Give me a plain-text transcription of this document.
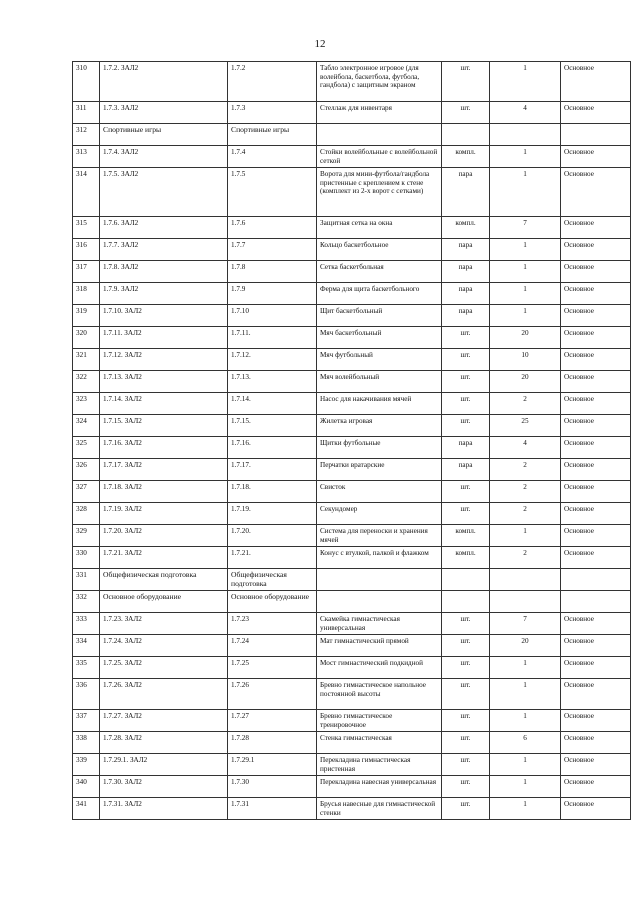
12
310	1.7.2. ЗАЛ2	1.7.2	Табло электронное игровое (для волейбола, баскетбола, футбола, гандбола) с защитным экраном	шт.	1	Основное
311	1.7.3. ЗАЛ2	1.7.3	Стеллаж для инвентаря	шт.	4	Основное
312	Спортивные игры	Спортивные игры				
313	1.7.4. ЗАЛ2	1.7.4	Стойки волейбольные с волейбольной сеткой	компл.	1	Основное
314	1.7.5. ЗАЛ2	1.7.5	Ворота для мини-футбола/гандбола пристенные с креплением к стене (комплект из 2-х ворот с сетками)	пара	1	Основное
315	1.7.6. ЗАЛ2	1.7.6	Защитная сетка на окна	компл.	7	Основное
316	1.7.7. ЗАЛ2	1.7.7	Кольцо баскетбольное	пара	1	Основное
317	1.7.8. ЗАЛ2	1.7.8	Сетка баскетбольная	пара	1	Основное
318	1.7.9. ЗАЛ2	1.7.9	Ферма для щита баскетбольного	пара	1	Основное
319	1.7.10. ЗАЛ2	1.7.10	Щит баскетбольный	пара	1	Основное
320	1.7.11. ЗАЛ2	1.7.11.	Мяч баскетбольный	шт.	20	Основное
321	1.7.12. ЗАЛ2	1.7.12.	Мяч футбольный	шт.	10	Основное
322	1.7.13. ЗАЛ2	1.7.13.	Мяч волейбольный	шт.	20	Основное
323	1.7.14. ЗАЛ2	1.7.14.	Насос для накачивания мячей	шт.	2	Основное
324	1.7.15. ЗАЛ2	1.7.15.	Жилетка игровая	шт.	25	Основное
325	1.7.16. ЗАЛ2	1.7.16.	Щитки футбольные	пара	4	Основное
326	1.7.17. ЗАЛ2	1.7.17.	Перчатки вратарские	пара	2	Основное
327	1.7.18. ЗАЛ2	1.7.18.	Свисток	шт.	2	Основное
328	1.7.19. ЗАЛ2	1.7.19.	Секундомер	шт.	2	Основное
329	1.7.20. ЗАЛ2	1.7.20.	Система для переноски и хранения мячей	компл.	1	Основное
330	1.7.21. ЗАЛ2	1.7.21.	Конус с втулкой, палкой и флажком	компл.	2	Основное
331	Общефизическая подготовка	Общефизическая подготовка				
332	Основное оборудование	Основное оборудование				
333	1.7.23. ЗАЛ2	1.7.23	Скамейка гимнастическая универсальная	шт.	7	Основное
334	1.7.24. ЗАЛ2	1.7.24	Мат гимнастический прямой	шт.	20	Основное
335	1.7.25. ЗАЛ2	1.7.25	Мост гимнастический подкидной	шт.	1	Основное
336	1.7.26. ЗАЛ2	1.7.26	Бревно гимнастическое напольное постоянной высоты	шт.	1	Основное
337	1.7.27. ЗАЛ2	1.7.27	Бревно гимнастическое тренировочное	шт.	1	Основное
338	1.7.28. ЗАЛ2	1.7.28	Стенка гимнастическая	шт.	6	Основное
339	1.7.29.1. ЗАЛ2	1.7.29.1	Перекладина гимнастическая пристенная	шт.	1	Основное
340	1.7.30. ЗАЛ2	1.7.30	Перекладина навесная универсальная	шт.	1	Основное
341	1.7.31. ЗАЛ2	1.7.31	Брусья навесные для гимнастической стенки	шт.	1	Основное
